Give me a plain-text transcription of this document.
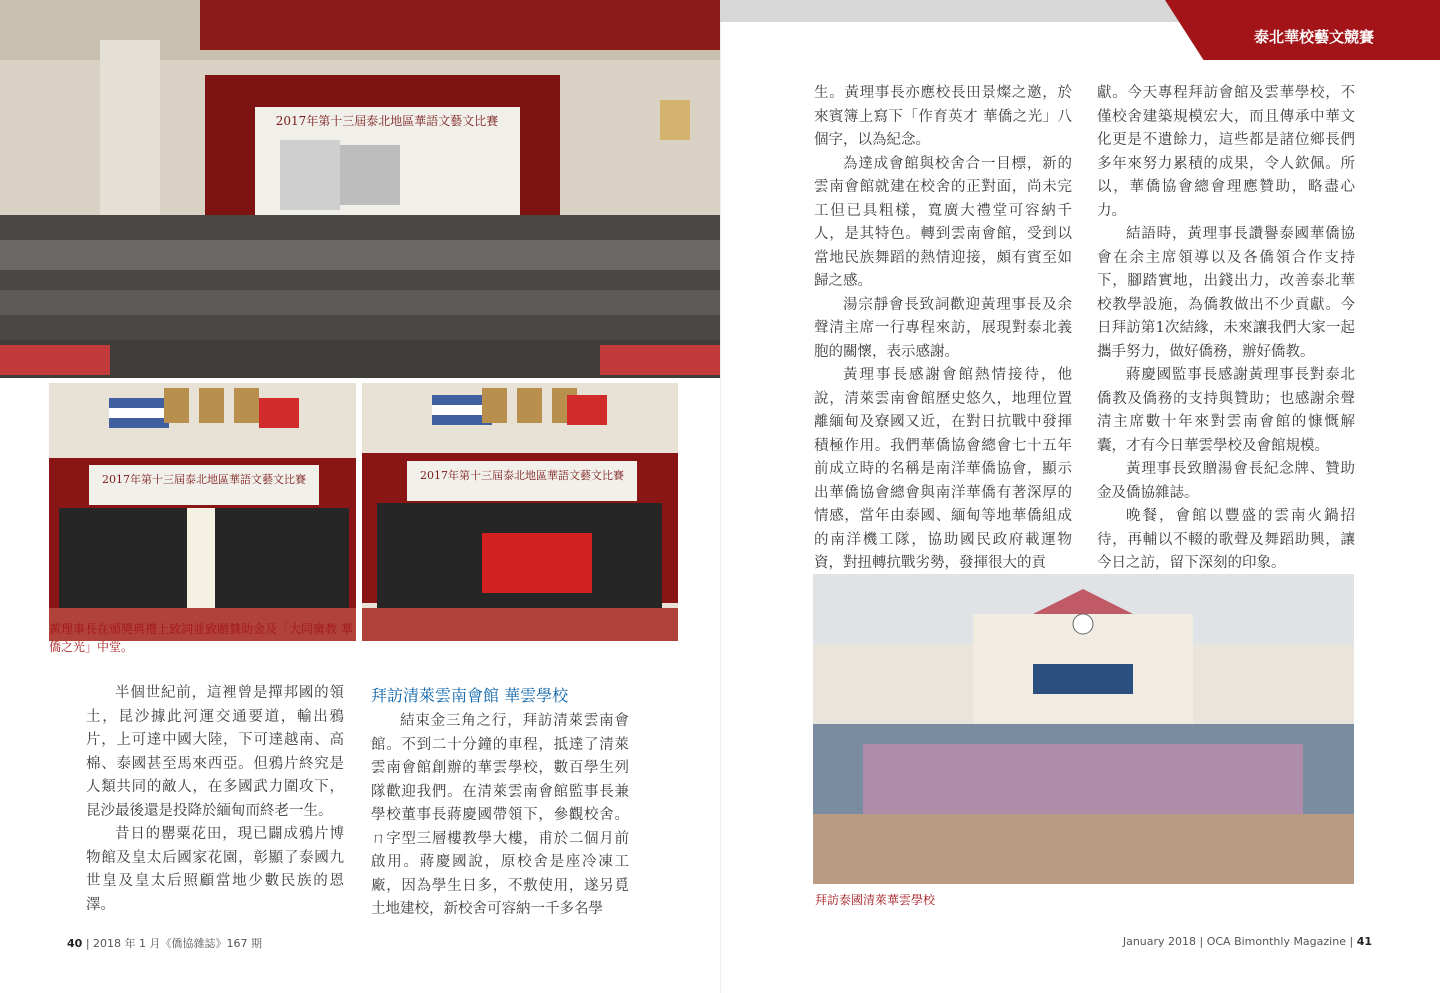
泰北華校藝文競賽
2017年第十三屆泰北地區華語文藝文比賽
2017年第十三屆泰北地區華語文藝文比賽	2017年第十三屆泰北地區華語文藝文比賽
黃理事長在頒獎典禮上致詞並致贈贊助金及「大同廣教 華僑之光」中堂。

半個世紀前，這裡曾是撣邦國的領土，昆沙據此河運交通要道，輸出鴉片，上可達中國大陸，下可達越南、高棉、泰國甚至馬來西亞。但鴉片終究是人類共同的敵人，在多國武力圍攻下，昆沙最後還是投降於緬甸而終老一生。

昔日的罌粟花田，現已闢成鴉片博物館及皇太后國家花園，彰顯了泰國九世皇及皇太后照顧當地少數民族的恩澤。

拜訪清萊雲南會館 華雲學校

結束金三角之行，拜訪清萊雲南會館。不到二十分鐘的車程，抵達了清萊雲南會館創辦的華雲學校，數百學生列隊歡迎我們。在清萊雲南會館監事長兼學校董事長蔣慶國帶領下，參觀校舍。ㄇ字型三層樓教學大樓，甫於二個月前啟用。蔣慶國說，原校舍是座冷凍工廠，因為學生日多，不敷使用，遂另覓土地建校，新校舍可容納一千多名學

生。黃理事長亦應校長田景燦之邀，於來賓簿上寫下「作育英才 華僑之光」八個字，以為紀念。

為達成會館與校舍合一目標，新的雲南會館就建在校舍的正對面，尚未完工但已具粗樣，寬廣大禮堂可容納千人，是其特色。轉到雲南會館，受到以當地民族舞蹈的熱情迎接，頗有賓至如歸之感。

湯宗靜會長致詞歡迎黃理事長及余聲清主席一行專程來訪，展現對泰北義胞的關懷，表示感謝。

黃理事長感謝會館熱情接待，他說，清萊雲南會館歷史悠久，地理位置離緬甸及寮國又近，在對日抗戰中發揮積極作用。我們華僑協會總會七十五年前成立時的名稱是南洋華僑協會，顯示出華僑協會總會與南洋華僑有著深厚的情感，當年由泰國、緬甸等地華僑組成的南洋機工隊，協助國民政府載運物資，對扭轉抗戰劣勢，發揮很大的貢

獻。今天專程拜訪會館及雲華學校，不僅校舍建築規模宏大，而且傳承中華文化更是不遺餘力，這些都是諸位鄉長們多年來努力累積的成果，令人欽佩。所以，華僑協會總會理應贊助，略盡心力。

結語時，黃理事長讚譽泰國華僑協會在余主席領導以及各僑領合作支持下，腳踏實地，出錢出力，改善泰北華校教學設施，為僑教做出不少貢獻。今日拜訪第1次結緣，未來讓我們大家一起攜手努力，做好僑務，辦好僑教。

蔣慶國監事長感謝黃理事長對泰北僑教及僑務的支持與贊助；也感謝余聲清主席數十年來對雲南會館的慷慨解囊，才有今日華雲學校及會館規模。

黃理事長致贈湯會長紀念牌、贊助金及僑協雜誌。

晚餐，會館以豐盛的雲南火鍋招待，再輔以不輟的歌聲及舞蹈助興，讓今日之訪，留下深刻的印象。

拜訪泰國清萊華雲學校
40 | 2018 年 1 月《僑協雜誌》167 期	January 2018 | OCA Bimonthly Magazine | 41
